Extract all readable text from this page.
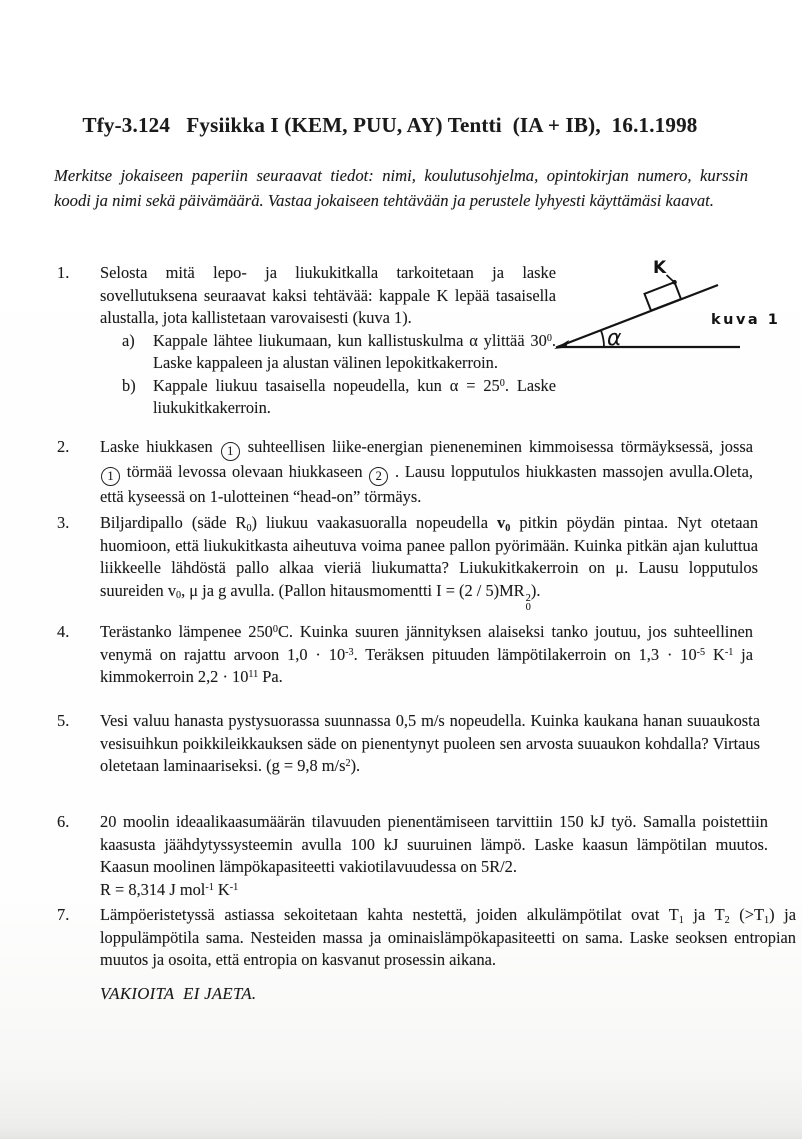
Tfy-3.124   Fysiikka I (KEM, PUU, AY) Tentti  (IA + IB),  16.1.1998
Merkitse jokaiseen paperiin seuraavat tiedot: nimi, koulutusohjelma, opintokirjan numero, kurssin koodi ja nimi sekä päivämäärä. Vastaa jokaiseen tehtävään ja perustele lyhyesti käyttämäsi kaavat.
1. Selosta mitä lepo- ja liukukitkalla tarkoitetaan ja laske sovellutuksena seuraavat kaksi tehtävää: kappale K lepää tasaisella alustalla, jota kallistetaan varovaisesti (kuva 1).
a) Kappale lähtee liukumaan, kun kallistuskulma α ylittää $30^0$. Laske kappaleen ja alustan välinen lepokitkakerroin.
b) Kappale liukuu tasaisella nopeudella, kun $\alpha = 25^0$. Laske liukukitkakerroin.
K
α
kuva 1
2. Laske hiukkasen 1 suhteellisen liike-energian pieneneminen kimmoisessa törmäyksessä, jossa 1 törmää levossa olevaan hiukkaseen 2 . Lausu lopputulos hiukkasten massojen avulla.Oleta, että kyseessä on 1-ulotteinen “head-on” törmäys.
3. Biljardipallo (säde $R_0$) liukuu vaakasuoralla nopeudella $v_0$ pitkin pöydän pintaa. Nyt otetaan huomioon, että liukukitkasta aiheutuva voima panee pallon pyörimään. Kuinka pitkän ajan kuluttua liikkeelle lähdöstä pallo alkaa vieriä liukumatta? Liukukitkakerroin on μ. Lausu lopputulos suureiden $v_0$, μ ja g avulla. (Pallon hitausmomentti I = (2 / 5)MR 2
0
).
4. Terästanko lämpenee $250^0C$. Kuinka suuren jännityksen alaiseksi tanko joutuu, jos suhteellinen venymä on rajattu arvoon $1,0 \cdot 10^{-3}$. Teräksen pituuden lämpötilakerroin on $1,3 \cdot 10^{-5}$ $K^{-1}$ ja kimmokerroin $2,2 \cdot 10^{11}$ Pa.
5. Vesi valuu hanasta pystysuorassa suunnassa 0,5 m/s nopeudella. Kuinka kaukana hanan suuaukosta vesisuihkun poikkileikkauksen säde on pienentynyt puoleen sen arvosta suuaukon kohdalla? Virtaus oletetaan laminaariseksi. (g = 9,8 $m/s^2$).
6. 20 moolin ideaalikaasumäärän tilavuuden pienentämiseen tarvittiin 150 kJ työ. Samalla poistettiin kaasusta jäähdytyssysteemin avulla 100 kJ suuruinen lämpö. Laske kaasun lämpötilan muutos. Kaasun moolinen lämpökapasiteetti vakiotilavuudessa on 5R/2.
R = 8,314 J mol$^{-1}$ $K^{-1}$
7. Lämpöeristetyssä astiassa sekoitetaan kahta nestettä, joiden alkulämpötilat ovat $T_1$ ja $T_2$ $(>T_1)$ ja loppulämpötila sama. Nesteiden massa ja ominaislämpökapasiteetti on sama. Laske seoksen entropian muutos ja osoita, että entropia on kasvanut prosessin aikana.
VAKIOITA  EI JAETA.
